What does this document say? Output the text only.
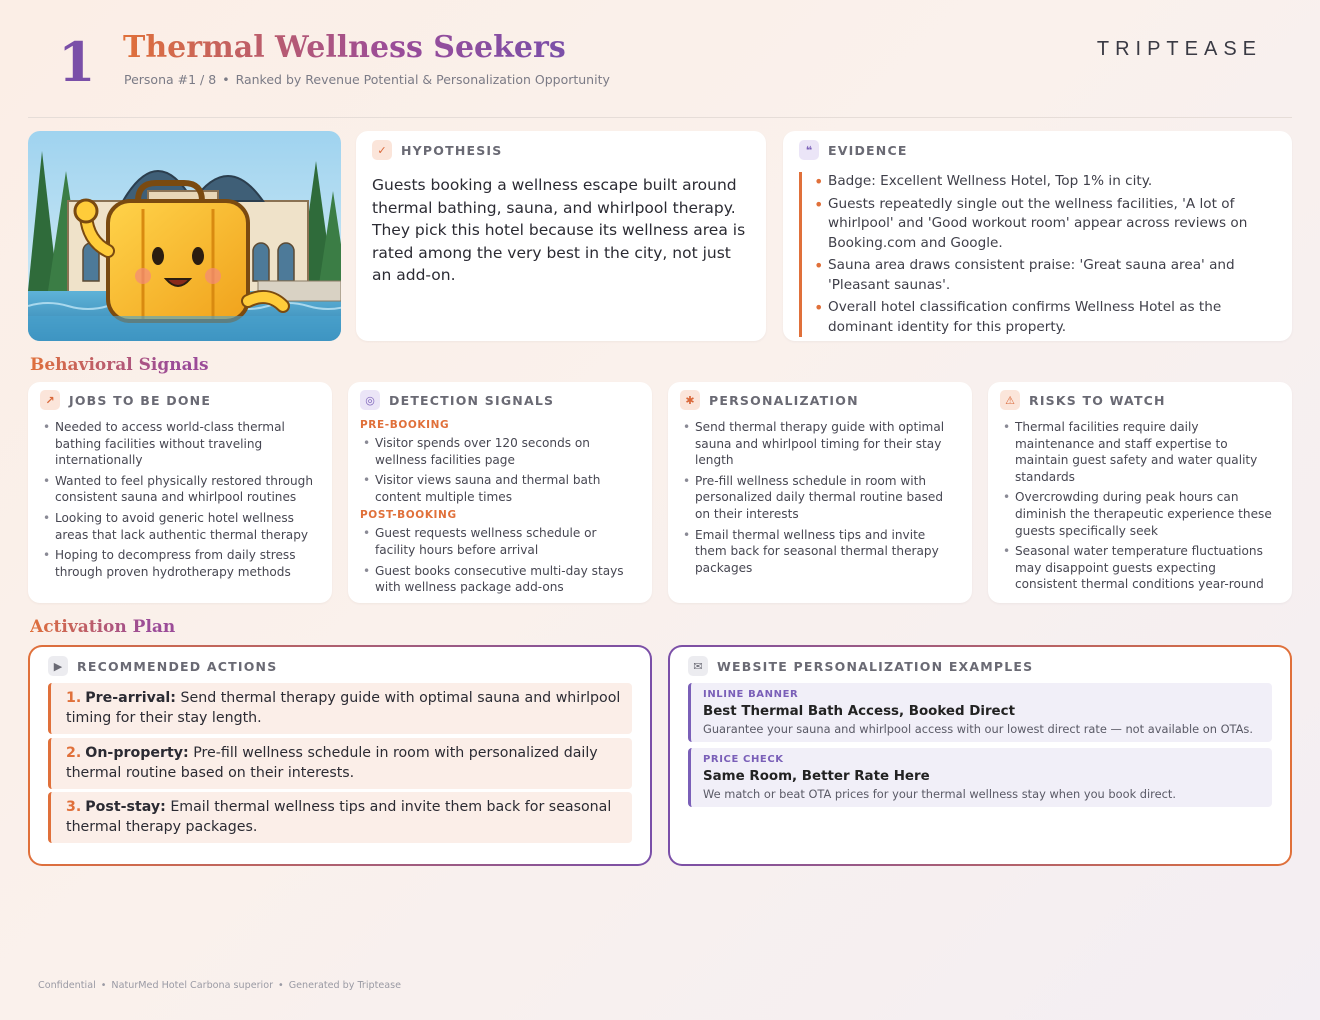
1 Thermal Wellness Seekers
Persona #1 / 8 • Ranked by Revenue Potential & Personalization Opportunity
TRIPTEASE
✓	HYPOTHESIS
Guests booking a wellness escape built around thermal bathing, sauna, and whirlpool therapy. They pick this hotel because its wellness area is rated among the very best in the city, not just an add-on.
❝	EVIDENCE
• Badge: Excellent Wellness Hotel, Top 1% in city.
• Guests repeatedly single out the wellness facilities, 'A lot of whirlpool' and 'Good workout room' appear across reviews on Booking.com and Google.
• Sauna area draws consistent praise: 'Great sauna area' and 'Pleasant saunas'.
• Overall hotel classification confirms Wellness Hotel as the dominant identity for this property.
Behavioral Signals
↗	JOBS TO BE DONE
• Needed to access world-class thermal bathing facilities without traveling internationally
• Wanted to feel physically restored through consistent sauna and whirlpool routines
• Looking to avoid generic hotel wellness areas that lack authentic thermal therapy
• Hoping to decompress from daily stress through proven hydrotherapy methods
◎	DETECTION SIGNALS
PRE-BOOKING
• Visitor spends over 120 seconds on wellness facilities page
• Visitor views sauna and thermal bath content multiple times
POST-BOOKING
• Guest requests wellness schedule or facility hours before arrival
• Guest books consecutive multi-day stays with wellness package add-ons
✱	PERSONALIZATION
• Send thermal therapy guide with optimal sauna and whirlpool timing for their stay length
• Pre-fill wellness schedule in room with personalized daily thermal routine based on their interests
• Email thermal wellness tips and invite them back for seasonal thermal therapy packages
⚠	RISKS TO WATCH
• Thermal facilities require daily maintenance and staff expertise to maintain guest safety and water quality standards
• Overcrowding during peak hours can diminish the therapeutic experience these guests specifically seek
• Seasonal water temperature fluctuations may disappoint guests expecting consistent thermal conditions year-round
Activation Plan
▶	RECOMMENDED ACTIONS
1. Pre-arrival: Send thermal therapy guide with optimal sauna and whirlpool timing for their stay length.
2. On-property: Pre-fill wellness schedule in room with personalized daily thermal routine based on their interests.
3. Post-stay: Email thermal wellness tips and invite them back for seasonal thermal therapy packages.
✉	WEBSITE PERSONALIZATION EXAMPLES
INLINE BANNER
Best Thermal Bath Access, Booked Direct
Guarantee your sauna and whirlpool access with our lowest direct rate — not available on OTAs.
PRICE CHECK
Same Room, Better Rate Here
We match or beat OTA prices for your thermal wellness stay when you book direct.
Confidential • NaturMed Hotel Carbona superior • Generated by Triptease
